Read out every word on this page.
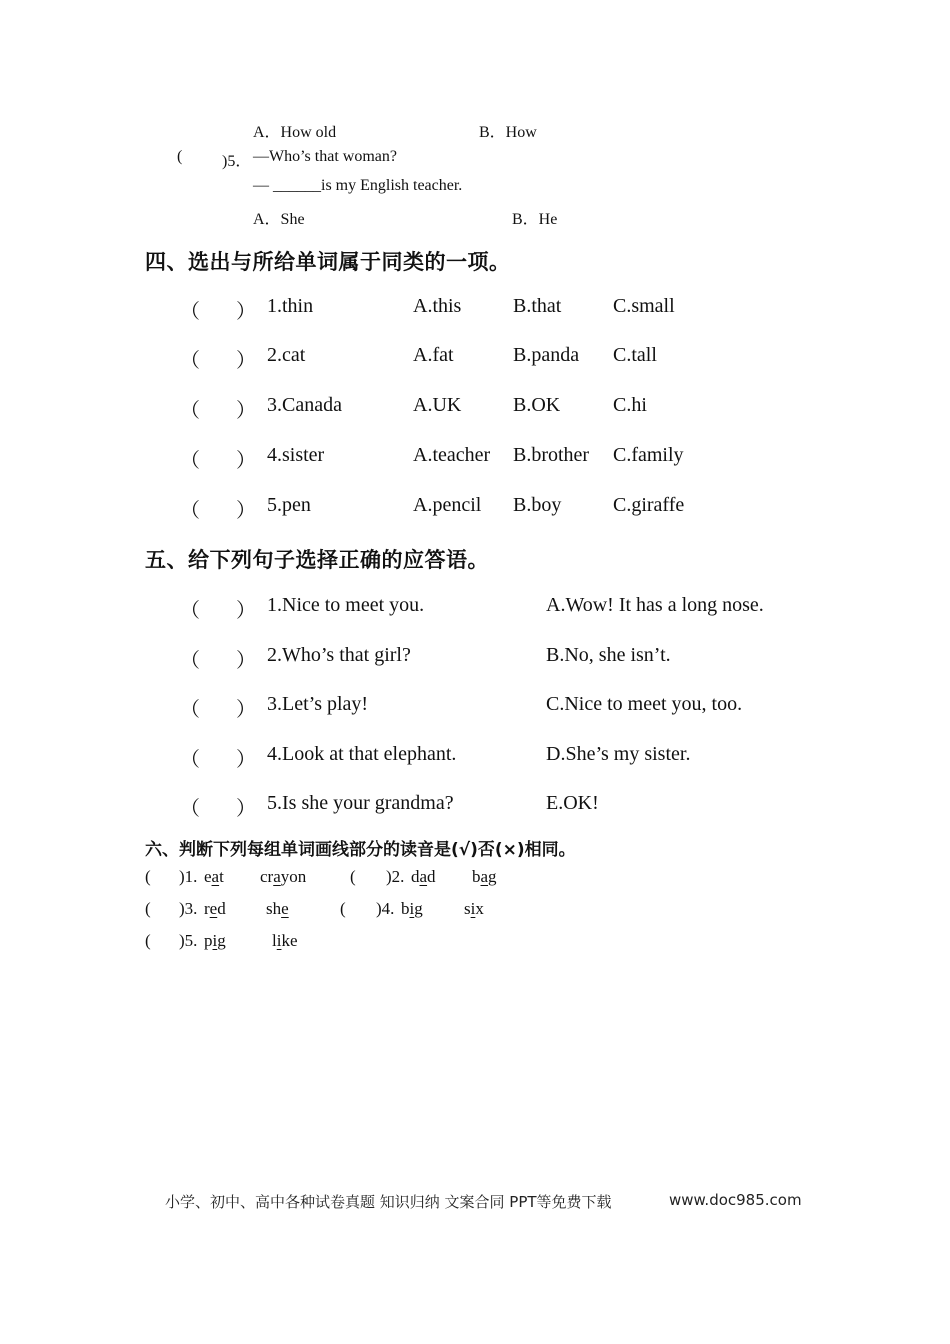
A．How old	B．How
( )5． —Who’s that woman?
— ______is my English teacher.
A．She	B．He
四、选出与所给单词属于同类的一项。
（ ） 1.thin	A.this	B.that	C.small
（ ） 2.cat	A.fat	B.panda C.tall
（ ） 3.Canada	A.UK	B.OK	C.hi
（ ） 4.sister	A.teacher B.brother C.family
（ ） 5.pen	A.pencil B.boy	C.giraffe
五、给下列句子选择正确的应答语。
（ ） 1.Nice to meet you.	A.Wow! It has a long nose.
（ ） 2.Who’s that girl?	B.No, she isn’t.
（ ） 3.Let’s play!	C.Nice to meet you, too.
（ ） 4.Look at that elephant.	D.She’s my sister.
（ ） 5.Is she your grandma?	E.OK!
六、判断下列每组单词画线部分的读音是(√)否(×)相同。
( )1. eat crayon	( )2. dad bag
( )3. red she	( )4. big six
( )5. pig	like
小学、初中、高中各种试卷真题 知识归纳 文案合同 PPT等免费下载	www.doc985.com
